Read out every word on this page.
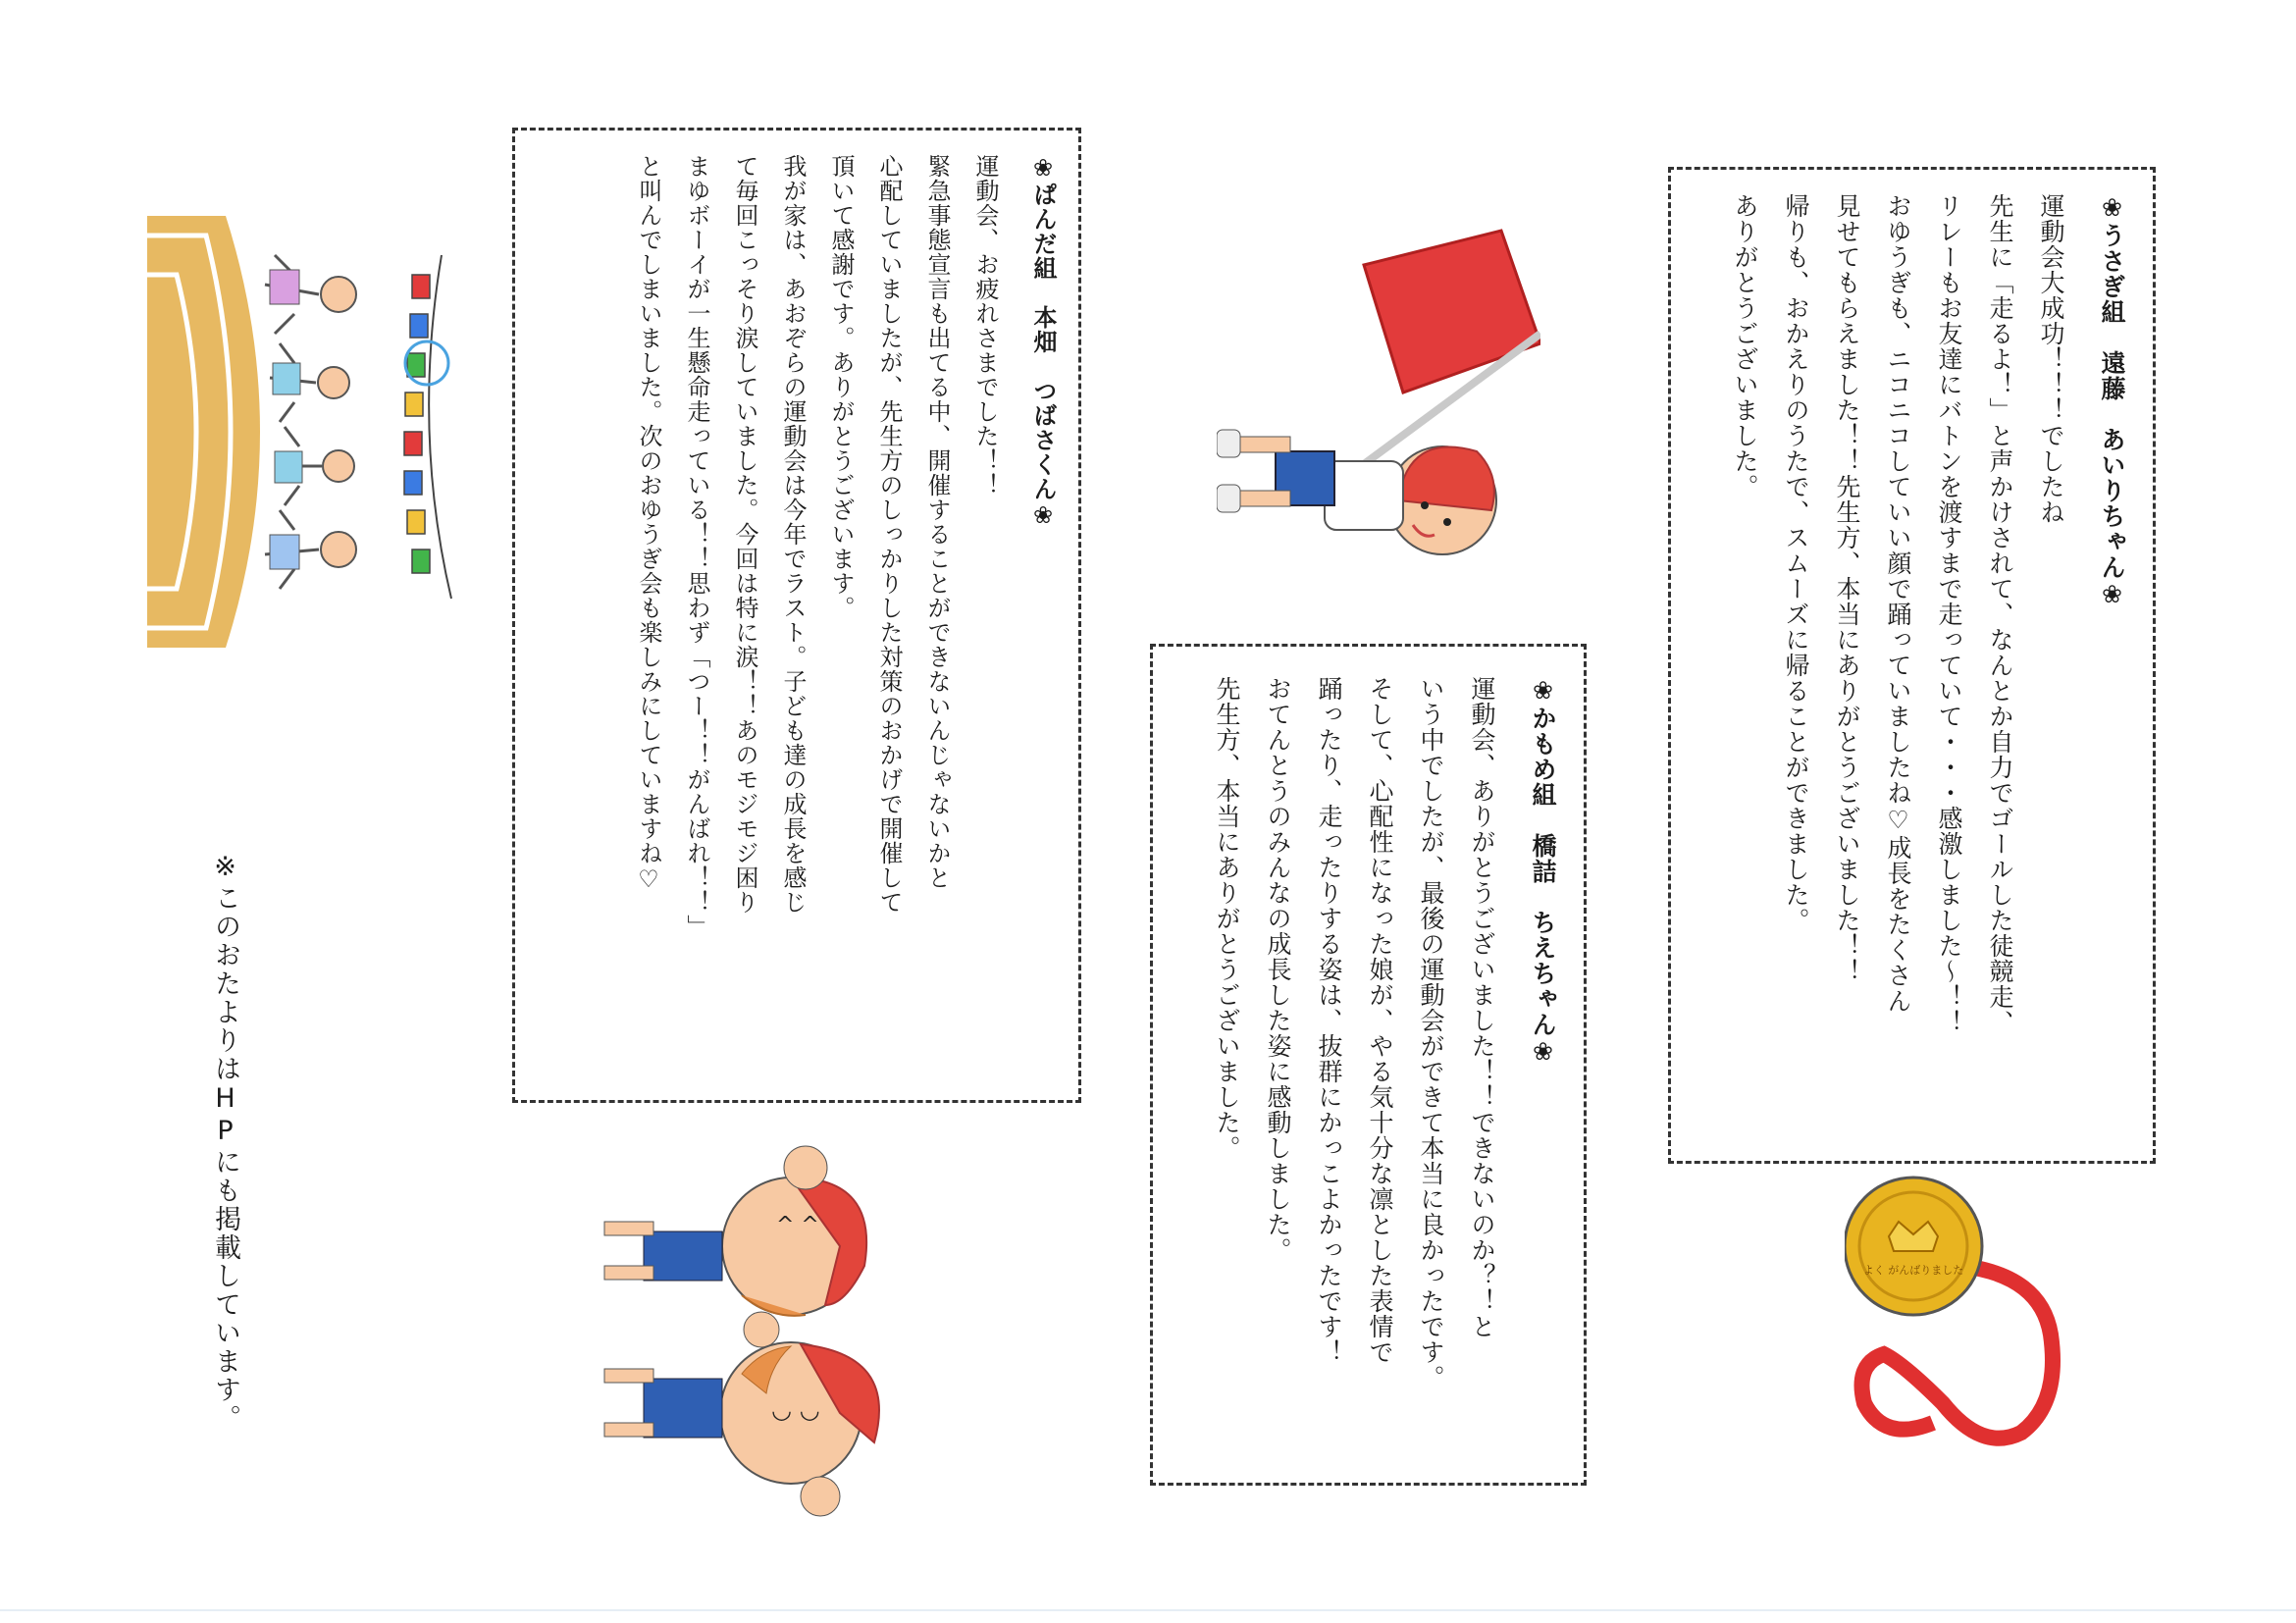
❀うさぎ組　遠藤　あいりちゃん❀
運動会大成功！！！でしたね
先生に「走るよ！」と声かけされて、なんとか自力でゴールした徒競走、
リレーもお友達にバトンを渡すまで走っていて・・・感激しました〜！！
おゆうぎも、ニコニコしていい顔で踊っていましたね♡成長をたくさん
見せてもらえました！！先生方、本当にありがとうございました！！
帰りも、おかえりのうたで、スムーズに帰ることができました。
ありがとうございました。
❀かもめ組　橋詰　ちえちゃん❀
運動会、ありがとうございました！！できないのか？！と
いう中でしたが、最後の運動会ができて本当に良かったです。
そして、心配性になった娘が、やる気十分な凛とした表情で
踊ったり、走ったりする姿は、抜群にかっこよかったです！
おてんとうのみんなの成長した姿に感動しました。
先生方、本当にありがとうございました。
❀ぱんだ組　本畑　つばさくん❀
運動会、お疲れさまでした！！
緊急事態宣言も出てる中、開催することができないんじゃないかと
心配していましたが、先生方のしっかりした対策のおかげで開催して
頂いて感謝です。ありがとうございます。
我が家は、あおぞらの運動会は今年でラスト。子ども達の成長を感じ
て毎回こっそり涙していました。今回は特に涙！！あのモジモジ困り
まゆボーイが一生懸命走っている！！思わず「つー！！がんばれ！！」
と叫んでしまいました。次のおゆうぎ会も楽しみにしていますね♡
※このおたよりはHPにも掲載しています。	よく がんばりました
^ ^
◡ ◡
